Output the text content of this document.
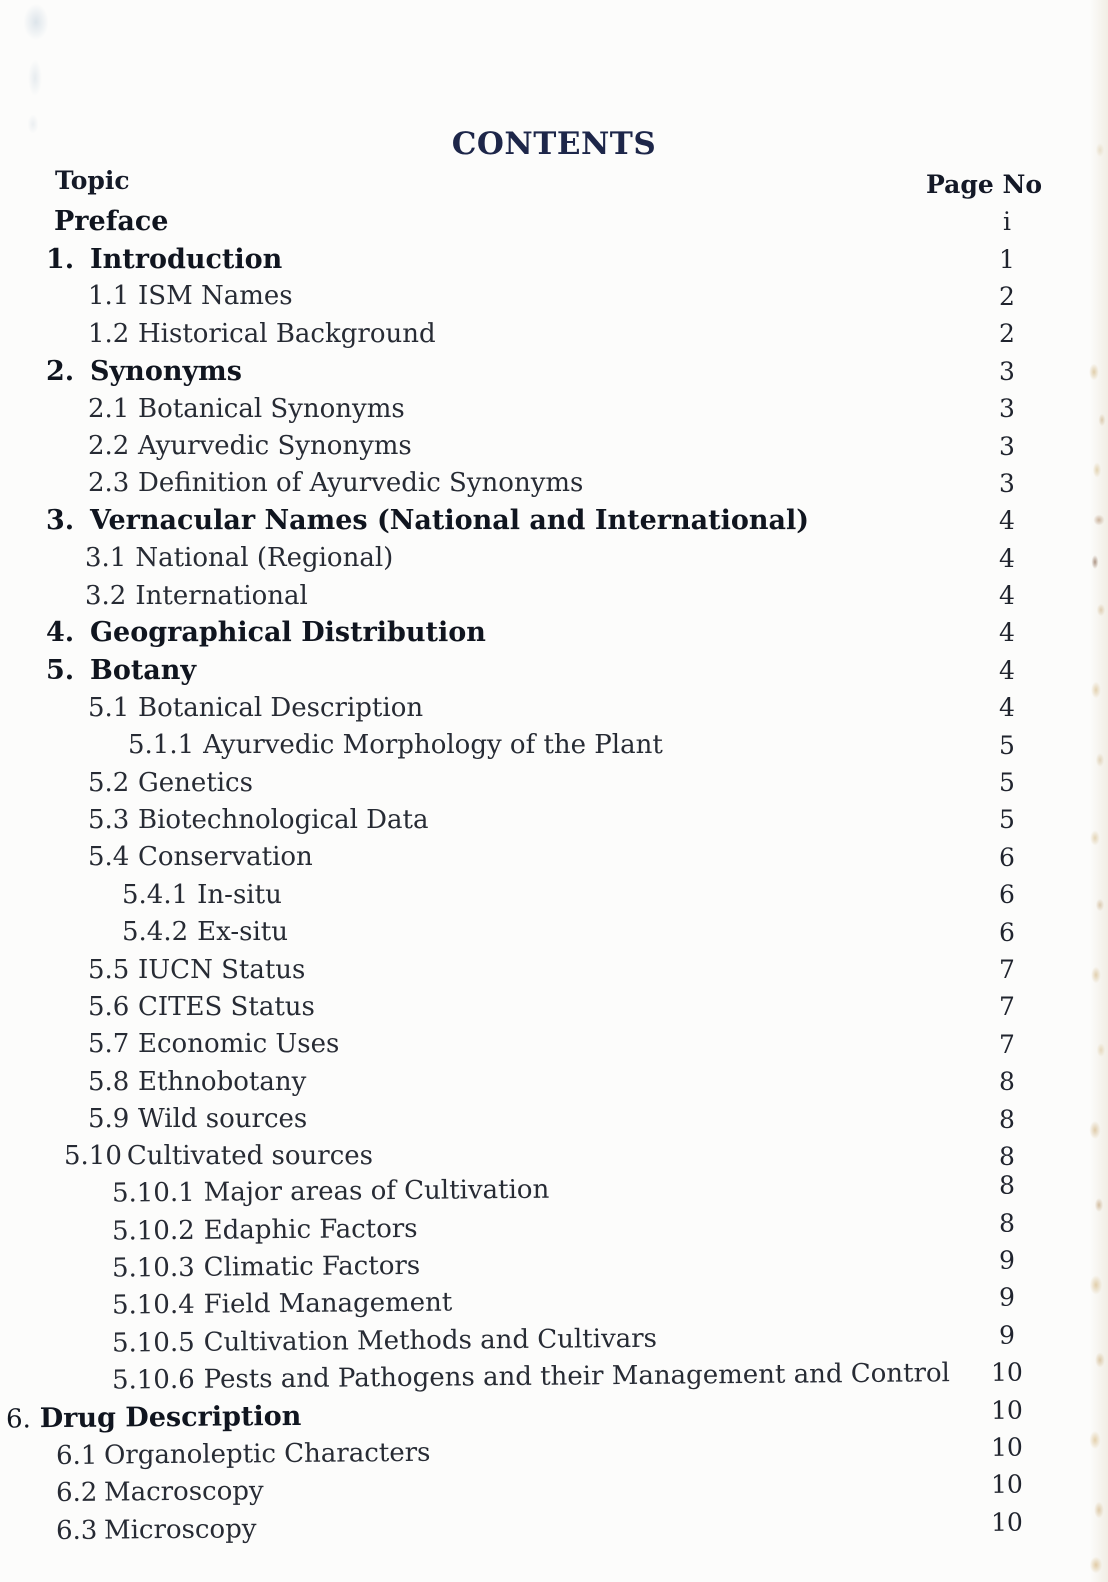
CONTENTS
Topic	Page No
Preface	i
1. Introduction	1
1.1 ISM Names	2
1.2 Historical Background	2
2. Synonyms	3
2.1 Botanical Synonyms	3
2.2 Ayurvedic Synonyms	3
2.3 Definition of Ayurvedic Synonyms	3
3. Vernacular Names (National and International)	4
3.1 National (Regional)	4
3.2 International	4
4. Geographical Distribution	4
5. Botany	4
5.1 Botanical Description	4
5.1.1 Ayurvedic Morphology of the Plant	5
5.2 Genetics	5
5.3 Biotechnological Data	5
5.4 Conservation	6
5.4.1 In-situ	6
5.4.2 Ex-situ	6
5.5 IUCN Status	7
5.6 CITES Status	7
5.7 Economic Uses	7
5.8 Ethnobotany	8
5.9 Wild sources	8
5.10 Cultivated sources	8
5.10.1 Major areas of Cultivation	8
5.10.2 Edaphic Factors	8
5.10.3 Climatic Factors	9
5.10.4 Field Management	9
5.10.5 Cultivation Methods and Cultivars	9
5.10.6 Pests and Pathogens and their Management and Control	10
6. Drug Description	10
6.1 Organoleptic Characters	10
6.2 Macroscopy	10
6.3 Microscopy	10
